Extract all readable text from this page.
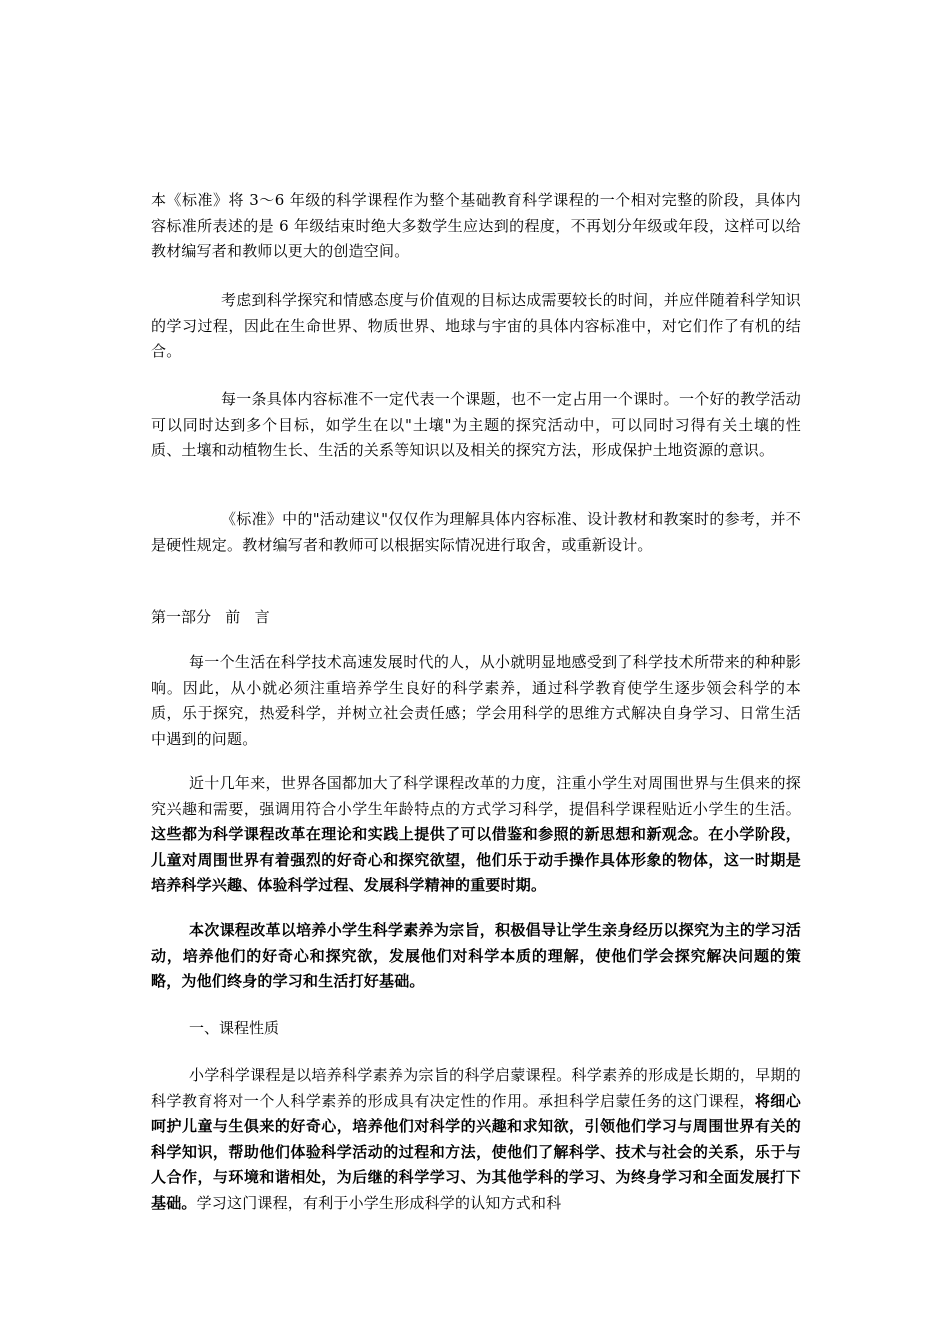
本《标准》将 3～6 年级的科学课程作为整个基础教育科学课程的一个相对完整的阶段，具体内容标准所表述的是 6 年级结束时绝大多数学生应达到的程度，不再划分年级或年段，这样可以给教材编写者和教师以更大的创造空间。

考虑到科学探究和情感态度与价值观的目标达成需要较长的时间，并应伴随着科学知识的学习过程，因此在生命世界、物质世界、地球与宇宙的具体内容标准中，对它们作了有机的结合。

每一条具体内容标准不一定代表一个课题，也不一定占用一个课时。一个好的教学活动可以同时达到多个目标，如学生在以"土壤"为主题的探究活动中，可以同时习得有关土壤的性质、土壤和动植物生长、生活的关系等知识以及相关的探究方法，形成保护土地资源的意识。

《标准》中的"活动建议"仅仅作为理解具体内容标准、设计教材和教案时的参考，并不是硬性规定。教材编写者和教师可以根据实际情况进行取舍，或重新设计。

第一部分   前   言

每一个生活在科学技术高速发展时代的人，从小就明显地感受到了科学技术所带来的种种影响。因此，从小就必须注重培养学生良好的科学素养，通过科学教育使学生逐步领会科学的本质，乐于探究，热爱科学，并树立社会责任感；学会用科学的思维方式解决自身学习、日常生活中遇到的问题。

近十几年来，世界各国都加大了科学课程改革的力度，注重小学生对周围世界与生俱来的探究兴趣和需要，强调用符合小学生年龄特点的方式学习科学，提倡科学课程贴近小学生的生活。这些都为科学课程改革在理论和实践上提供了可以借鉴和参照的新思想和新观念。在小学阶段，儿童对周围世界有着强烈的好奇心和探究欲望，他们乐于动手操作具体形象的物体，这一时期是培养科学兴趣、体验科学过程、发展科学精神的重要时期。

本次课程改革以培养小学生科学素养为宗旨，积极倡导让学生亲身经历以探究为主的学习活动，培养他们的好奇心和探究欲，发展他们对科学本质的理解，使他们学会探究解决问题的策略，为他们终身的学习和生活打好基础。

一、课程性质

小学科学课程是以培养科学素养为宗旨的科学启蒙课程。科学素养的形成是长期的，早期的科学教育将对一个人科学素养的形成具有决定性的作用。承担科学启蒙任务的这门课程，将细心呵护儿童与生俱来的好奇心，培养他们对科学的兴趣和求知欲，引领他们学习与周围世界有关的科学知识，帮助他们体验科学活动的过程和方法，使他们了解科学、技术与社会的关系，乐于与人合作，与环境和谐相处，为后继的科学学习、为其他学科的学习、为终身学习和全面发展打下基础。学习这门课程，有利于小学生形成科学的认知方式和科
